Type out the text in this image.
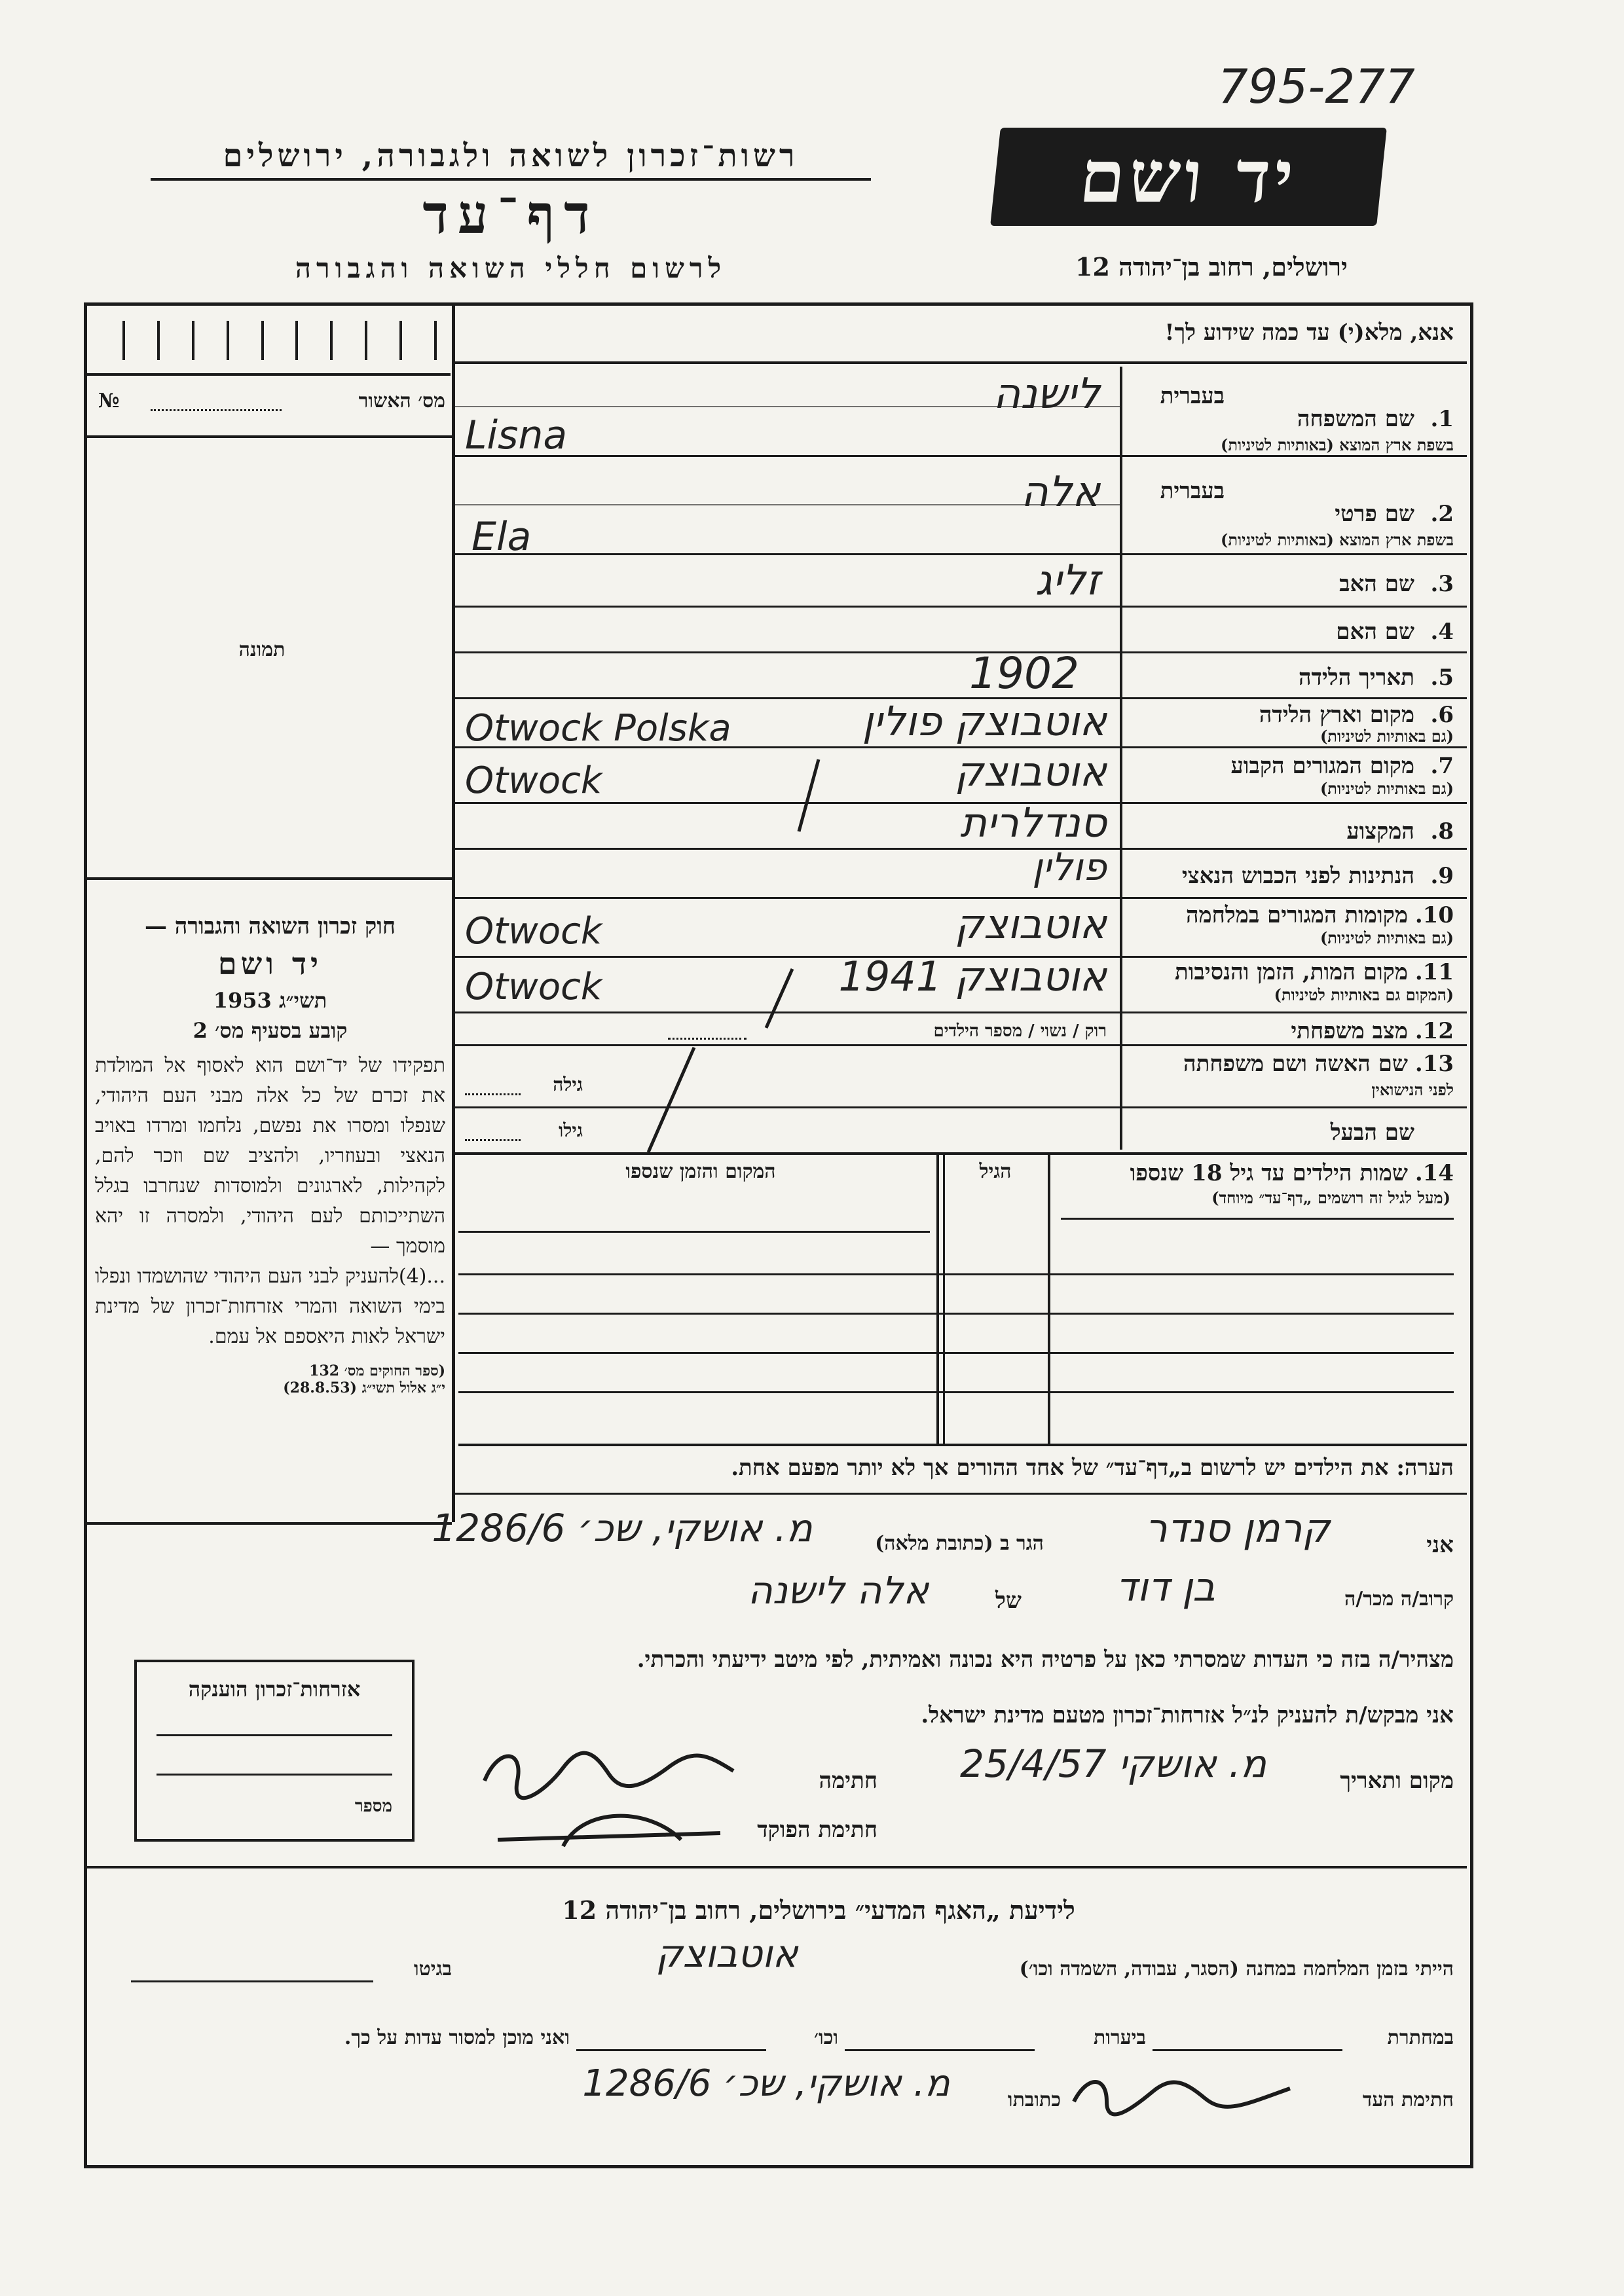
795-277
רשות־זכרון לשואה ולגבורה, ירושלים
דף־עד
לרשום חללי השואה והגבורה
יד ושם
ירושלים, רחוב בן־יהודה 12
אנא, מלא(י) עד כמה שידוע לך!
מס׳ האשור
№
תמונה
חוק זכרון השואה והגבורה —
יד ושם
תשי״ג 1953
קובע בסעיף מס׳ 2
תפקידו של יד־ושם הוא לאסוף אל המולדת את זכרם של כל אלה מבני העם היהודי, שנפלו ומסרו את נפשם, נלחמו ומרדו באויב הנאצי ובעוזריו, ולהציב שם וזכר להם, לקהילות, לארגונים ולמוסדות שנחרבו בגלל השתייכותם לעם היהודי, ולמסרה זו יהא מוסמך —
...(4)להעניק לבני העם היהודי שהושמדו ונפלו בימי השואה והמרי אזרחות־זכרון של מדינת ישראל לאות היאספם אל עמם.
(ספר החוקים מס׳ 132
י״ג אלול תשי״ג (28.8.53)
בעברית
1.
שם המשפחה
בשפת ארץ המוצא (באותיות לטיניות)
לישנה
Lisna
בעברית
2.
שם פרטי
בשפת ארץ המוצא (באותיות לטיניות)
אלה
Ela
3.
שם האב
זליג
4.
שם האם
5.
תאריך הלידה
1902
6.
מקום וארץ הלידה
(גם באותיות לטיניות)
אוטבוצק פולין
Otwock Polska
7.
מקום המגורים הקבוע
(גם באותיות לטיניות)
אוטבוצק
Otwock
8.
המקצוע
סנדלרית
9.
הנתינות לפני הכבוש הנאצי
פולין
10.
מקומות המגורים במלחמה
(גם באותיות לטיניות)
אוטבוצק
Otwock
11.
מקום המות, הזמן והנסיבות
(המקום גם באותיות לטיניות)
אוטבוצק 1941
Otwock
12.
מצב משפחתי
רוק / נשוי / מספר הילדים
13.
שם האשה ושם משפחתה
לפני הנישואין
גילה
שם הבעל
גילו
14.
שמות הילדים עד גיל 18 שנספו
(מעל לגיל זה רושמים „דף־עד״ מיוחד)
הגיל
המקום והזמן שנספו
הערה: את הילדים יש לרשום ב„דף־עד״ של אחד ההורים אך לא יותר מפעם אחת.
אני
קרמן סנדר
הגר ב (כתובת מלאה)
מ. אושקי, שכ׳ 1286/6
קרוב/ה מכר/ה
בן דוד
של
אלה לישנה
מצהיר/ה בזה כי העדות שמסרתי כאן על פרטיה היא נכונה ואמיתית, לפי מיטב ידיעתי והכרתי.
אני מבקש/ת להעניק לנ״ל אזרחות־זכרון מטעם מדינת ישראל.
מקום ותאריך
מ. אושקי 25/4/57
חתימה
חתימת הפוקד
אזרחות־זכרון הוענקה
מספר
לידיעת „האגף המדעי״ בירושלים, רחוב בן־יהודה 12
הייתי בזמן המלחמה במחנה (הסגר, עבודה, השמדה וכו׳)
אוטבוצק
בגיטו
במחתרת
ביערות
וכו׳
ואני מוכן למסור עדות על כך.
חתימת העד
כתובתו
מ. אושקי, שכ׳ 1286/6
